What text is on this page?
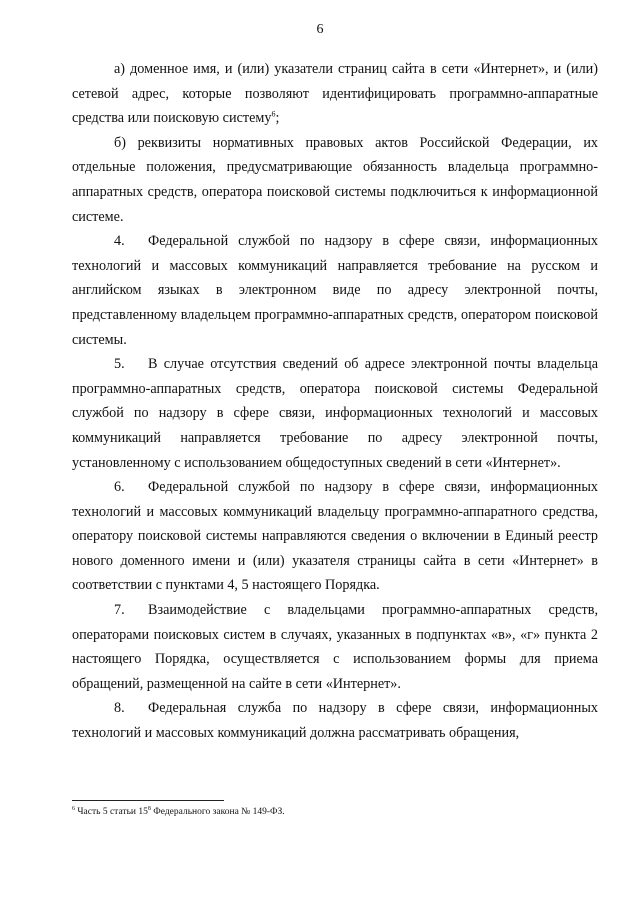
6

а) доменное имя, и (или) указатели страниц сайта в сети «Интернет», и (или) сетевой адрес, которые позволяют идентифицировать программно-аппаратные средства или поисковую систему$^6$;

б) реквизиты нормативных правовых актов Российской Федерации, их отдельные положения, предусматривающие обязанность владельца программно-аппаратных средств, оператора поисковой системы подключиться к информационной системе.

4. Федеральной службой по надзору в сфере связи, информационных технологий и массовых коммуникаций направляется требование на русском и английском языках в электронном виде по адресу электронной почты, представленному владельцем программно-аппаратных средств, оператором поисковой системы.

5. В случае отсутствия сведений об адресе электронной почты владельца программно-аппаратных средств, оператора поисковой системы Федеральной службой по надзору в сфере связи, информационных технологий и массовых коммуникаций направляется требование по адресу электронной почты, установленному с использованием общедоступных сведений в сети «Интернет».

6. Федеральной службой по надзору в сфере связи, информационных технологий и массовых коммуникаций владельцу программно-аппаратного средства, оператору поисковой системы направляются сведения о включении в Единый реестр нового доменного имени и (или) указателя страницы сайта в сети «Интернет» в соответствии с пунктами 4, 5 настоящего Порядка.

7. Взаимодействие с владельцами программно-аппаратных средств, операторами поисковых систем в случаях, указанных в подпунктах «в», «г» пункта 2 настоящего Порядка, осуществляется с использованием формы для приема обращений, размещенной на сайте в сети «Интернет».

8. Федеральная служба по надзору в сфере связи, информационных технологий и массовых коммуникаций должна рассматривать обращения,

$^6$ Часть 5 статьи $15^8$ Федерального закона № 149-ФЗ.
